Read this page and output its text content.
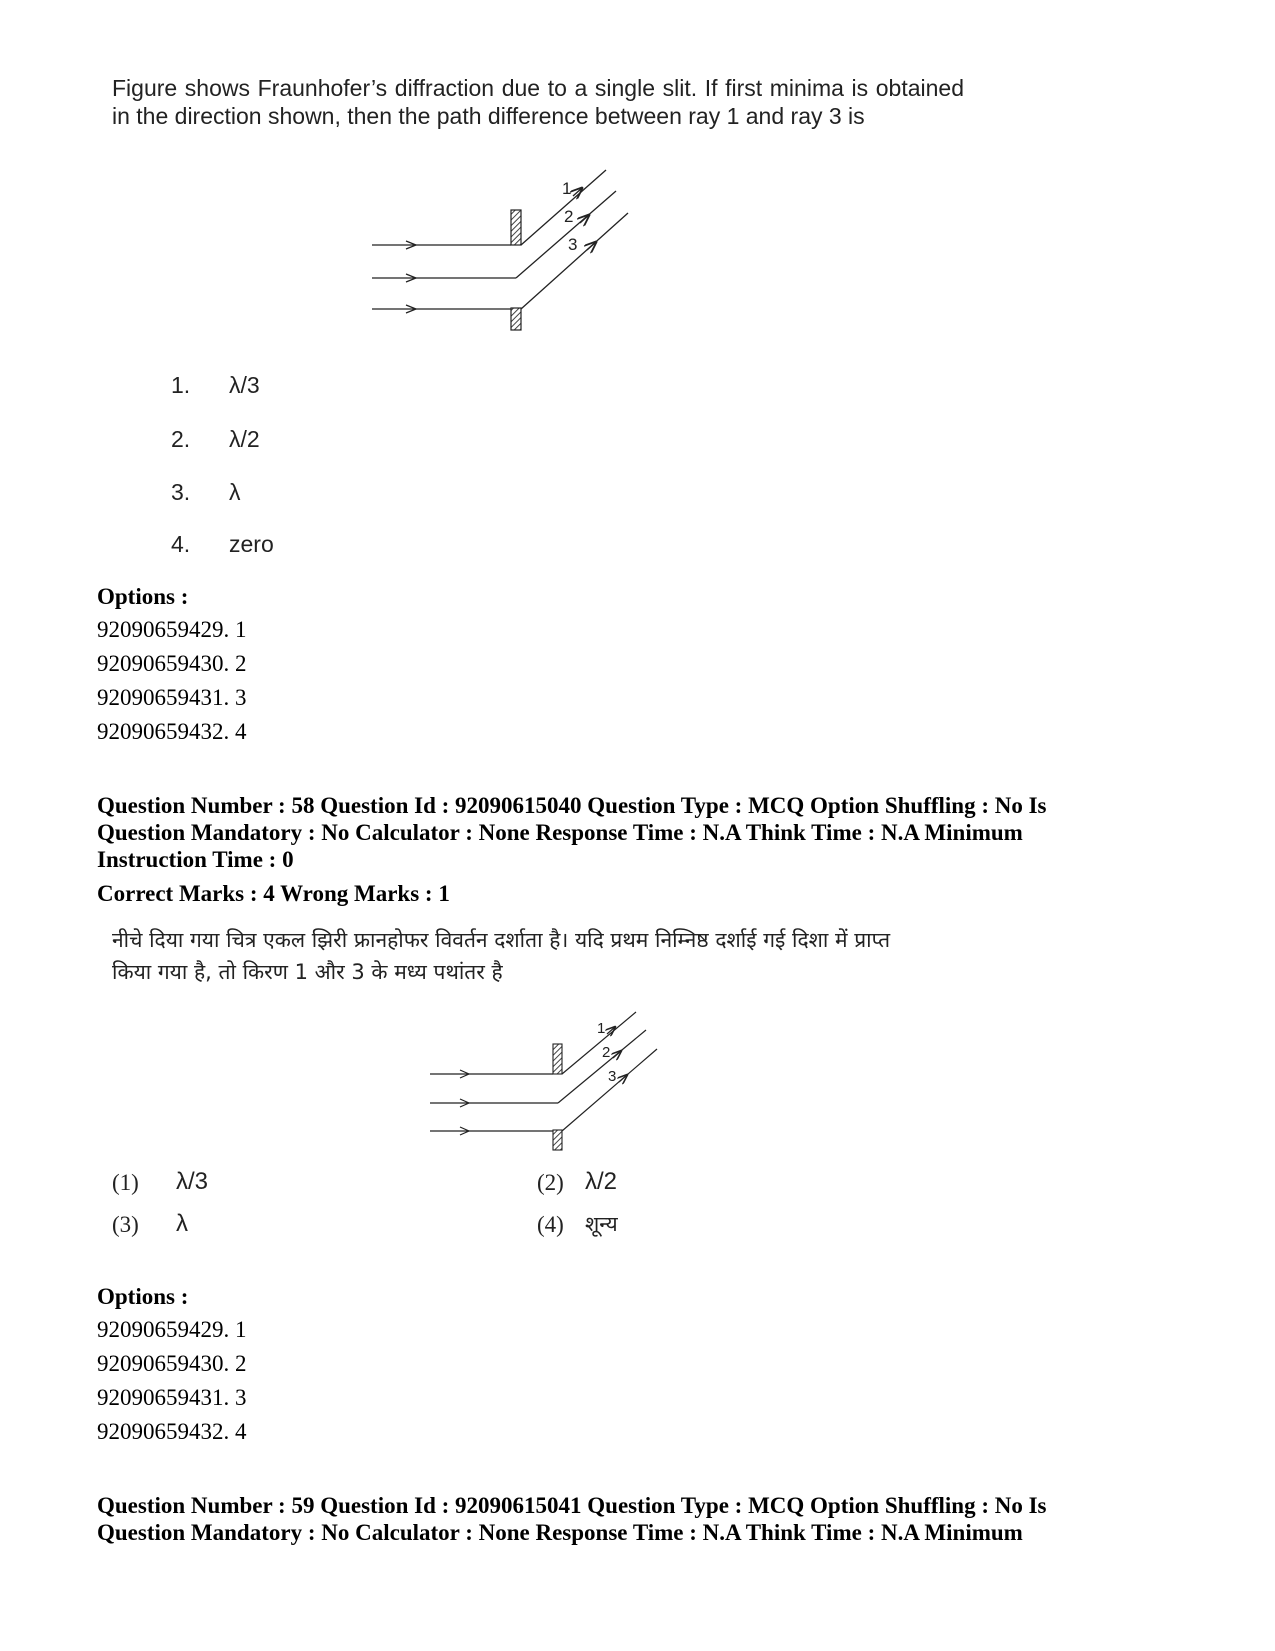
Figure shows Fraunhofer’s diffraction due to a single slit. If first minima is obtained in the direction shown, then the path difference between ray 1 and ray 3 is
1
2
3
1. λ/3
2. λ/2
3. λ
4. zero
Options :
92090659429. 1
92090659430. 2
92090659431. 3
92090659432. 4
Question Number : 58 Question Id : 92090615040 Question Type : MCQ Option Shuffling : No Is
Question Mandatory : No Calculator : None Response Time : N.A Think Time : N.A Minimum
Instruction Time : 0
Correct Marks : 4 Wrong Marks : 1
नीचे दिया गया चित्र एकल झिरी फ्रानहोफर विवर्तन दर्शाता है। यदि प्रथम निम्निष्ठ दर्शाई गई दिशा में प्राप्त
किया गया है, तो किरण 1 और 3 के मध्य पथांतर है
1
2
3
(1) λ/3	(2) λ/2
(3) λ	(4) शून्य
Options :
92090659429. 1
92090659430. 2
92090659431. 3
92090659432. 4
Question Number : 59 Question Id : 92090615041 Question Type : MCQ Option Shuffling : No Is
Question Mandatory : No Calculator : None Response Time : N.A Think Time : N.A Minimum
